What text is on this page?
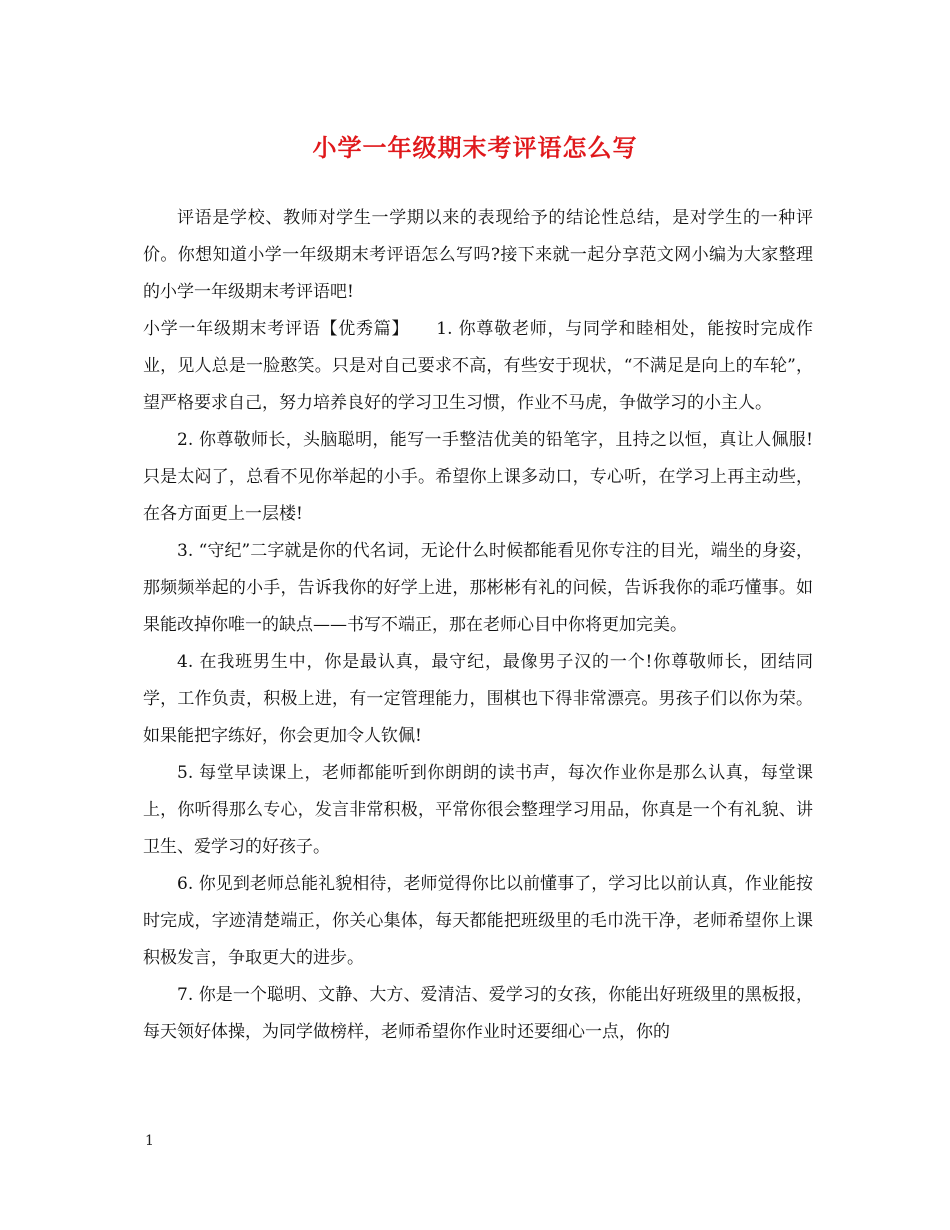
小学一年级期末考评语怎么写

评语是学校、教师对学生一学期以来的表现给予的结论性总结，是对学生的一种评价。你想知道小学一年级期末考评语怎么写吗?接下来就一起分享范文网小编为大家整理的小学一年级期末考评语吧!

小学一年级期末考评语【优秀篇】　　1. 你尊敬老师，与同学和睦相处，能按时完成作业，见人总是一脸憨笑。只是对自己要求不高，有些安于现状，“不满足是向上的车轮”，望严格要求自己，努力培养良好的学习卫生习惯，作业不马虎，争做学习的小主人。

2. 你尊敬师长，头脑聪明，能写一手整洁优美的铅笔字，且持之以恒，真让人佩服!只是太闷了，总看不见你举起的小手。希望你上课多动口，专心听，在学习上再主动些，在各方面更上一层楼!

3. “守纪”二字就是你的代名词，无论什么时候都能看见你专注的目光，端坐的身姿，那频频举起的小手，告诉我你的好学上进，那彬彬有礼的问候，告诉我你的乖巧懂事。如果能改掉你唯一的缺点——书写不端正，那在老师心目中你将更加完美。

4. 在我班男生中，你是最认真，最守纪，最像男子汉的一个!你尊敬师长，团结同学，工作负责，积极上进，有一定管理能力，围棋也下得非常漂亮。男孩子们以你为荣。如果能把字练好，你会更加令人钦佩!

5. 每堂早读课上，老师都能听到你朗朗的读书声，每次作业你是那么认真，每堂课上，你听得那么专心，发言非常积极，平常你很会整理学习用品，你真是一个有礼貌、讲卫生、爱学习的好孩子。

6. 你见到老师总能礼貌相待，老师觉得你比以前懂事了，学习比以前认真，作业能按时完成，字迹清楚端正，你关心集体，每天都能把班级里的毛巾洗干净，老师希望你上课积极发言，争取更大的进步。

7. 你是一个聪明、文静、大方、爱清洁、爱学习的女孩，你能出好班级里的黑板报，每天领好体操，为同学做榜样，老师希望你作业时还要细心一点，你的

1
